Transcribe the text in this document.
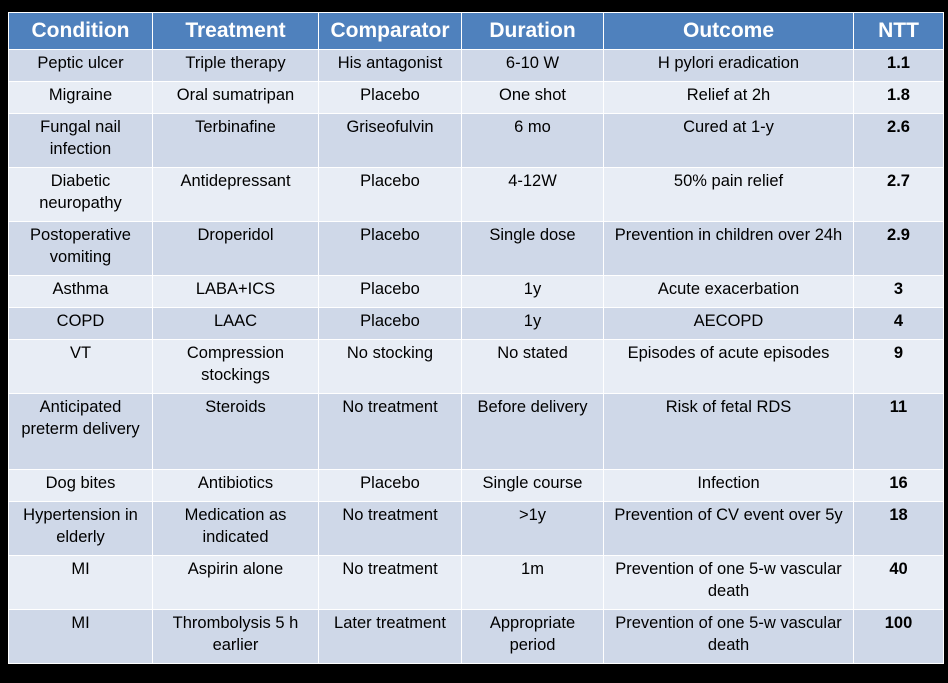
Condition	Treatment	Comparator	Duration	Outcome	NTT
Peptic ulcer	Triple therapy	His antagonist	6-10 W	H pylori eradication	1.1
Migraine	Oral sumatripan	Placebo	One shot	Relief at 2h	1.8
Fungal nail infection	Terbinafine	Griseofulvin	6 mo	Cured at 1-y	2.6
Diabetic neuropathy	Antidepressant	Placebo	4-12W	50% pain relief	2.7
Postoperative vomiting	Droperidol	Placebo	Single dose	Prevention in children over 24h	2.9
Asthma	LABA+ICS	Placebo	1y	Acute exacerbation	3
COPD	LAAC	Placebo	1y	AECOPD	4
VT	Compression stockings	No stocking	No stated	Episodes of acute episodes	9
Anticipated preterm delivery	Steroids	No treatment	Before delivery	Risk of fetal RDS	11
Dog bites	Antibiotics	Placebo	Single course	Infection	16
Hypertension in elderly	Medication as indicated	No treatment	>1y	Prevention of CV event over 5y	18
MI	Aspirin alone	No treatment	1m	Prevention of one 5-w vascular death	40
MI	Thrombolysis 5 h earlier	Later treatment	Appropriate period	Prevention of one 5-w vascular death	100
